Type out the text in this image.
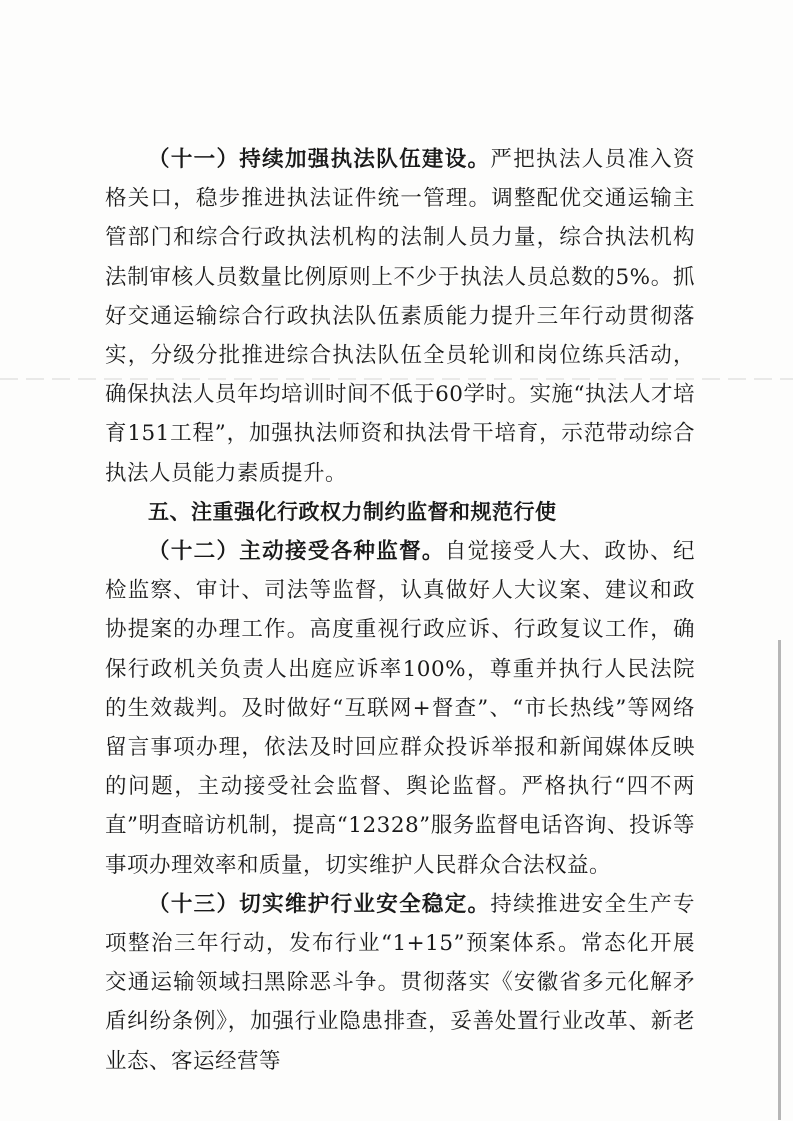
（十一）持续加强执法队伍建设。严把执法人员准入资格关口，稳步推进执法证件统一管理。调整配优交通运输主管部门和综合行政执法机构的法制人员力量，综合执法机构法制审核人员数量比例原则上不少于执法人员总数的5%。抓好交通运输综合行政执法队伍素质能力提升三年行动贯彻落实，分级分批推进综合执法队伍全员轮训和岗位练兵活动，确保执法人员年均培训时间不低于60学时。实施“执法人才培育151工程”，加强执法师资和执法骨干培育，示范带动综合执法人员能力素质提升。

五、注重强化行政权力制约监督和规范行使

（十二）主动接受各种监督。自觉接受人大、政协、纪检监察、审计、司法等监督，认真做好人大议案、建议和政协提案的办理工作。高度重视行政应诉、行政复议工作，确保行政机关负责人出庭应诉率100%，尊重并执行人民法院的生效裁判。及时做好“互联网+督查”、“市长热线”等网络留言事项办理，依法及时回应群众投诉举报和新闻媒体反映的问题，主动接受社会监督、舆论监督。严格执行“四不两直”明查暗访机制，提高“12328”服务监督电话咨询、投诉等事项办理效率和质量，切实维护人民群众合法权益。

（十三）切实维护行业安全稳定。持续推进安全生产专项整治三年行动，发布行业“1+15”预案体系。常态化开展交通运输领域扫黑除恶斗争。贯彻落实《安徽省多元化解矛盾纠纷条例》，加强行业隐患排查，妥善处置行业改革、新老业态、客运经营等
